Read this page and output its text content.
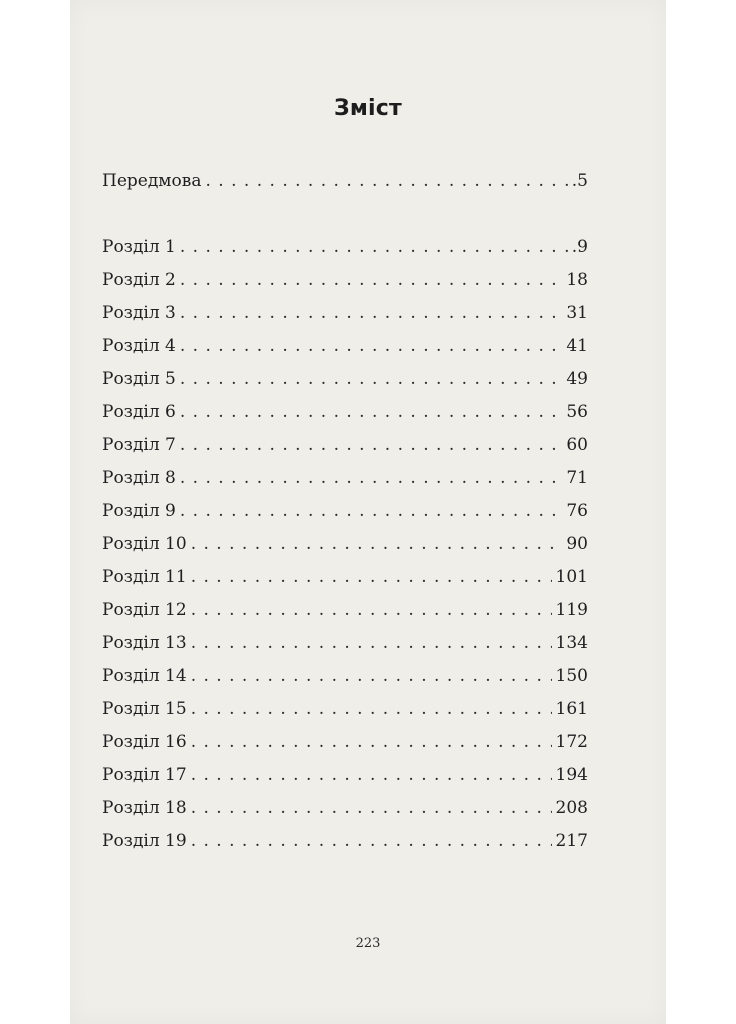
Зміст
Передмова . . .	.5
Розділ 1 . . .	.9
Розділ 2 . . .	18
Розділ 3 . . .	31
Розділ 4 . . .	41
Розділ 5 . . .	49
Розділ 6 . . .	56
Розділ 7 . . .	60
Розділ 8 . . .	71
Розділ 9 . . .	76
Розділ 10 . . .	90
Розділ 11 . . .	101
Розділ 12 . . .	119
Розділ 13 . . .	134
Розділ 14 . . .	150
Розділ 15 . . .	161
Розділ 16 . . .	172
Розділ 17 . . .	194
Розділ 18 . . .	208
Розділ 19 . . .	217
223
